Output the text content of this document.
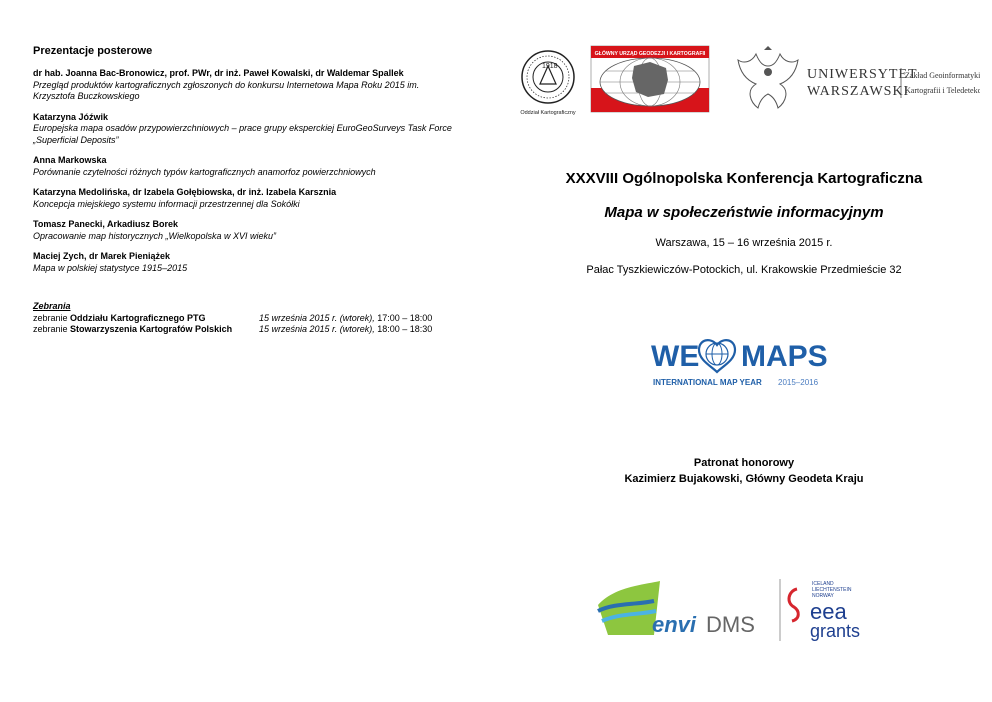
Prezentacje posterowe
dr hab. Joanna Bac-Bronowicz, prof. PWr, dr inż. Paweł Kowalski, dr Waldemar Spallek
Przegląd produktów kartograficznych zgłoszonych do konkursu Internetowa Mapa Roku 2015 im. Krzysztofa Buczkowskiego
Katarzyna Jóźwik
Europejska mapa osadów przypowierzchniowych – prace grupy eksperckiej EuroGeoSurveys Task Force „Superficial Deposits”
Anna Markowska
Porównanie czytelności różnych typów kartograficznych anamorfoz powierzchniowych
Katarzyna Medolińska, dr Izabela Gołębiowska, dr inż. Izabela Karsznia
Koncepcja miejskiego systemu informacji przestrzennej dla Sokółki
Tomasz Panecki, Arkadiusz Borek
Opracowanie map historycznych „Wielkopolska w XVI wieku”
Maciej Zych, dr Marek Pieniążek
Mapa w polskiej statystyce 1915–2015
Zebrania
zebranie Oddziału Kartograficznego PTG	15 września 2015 r. (wtorek), 17:00 – 18:00
zebranie Stowarzyszenia Kartografów Polskich	15 września 2015 r. (wtorek), 18:00 – 18:30
1918
Oddział Kartograficzny
GŁÓWNY URZĄD GEODEZJI I KARTOGRAFII
UNIWERSYTET
WARSZAWSKI
Zakład Geoinformatyki,
Kartografii i Teledetekcji
XXXVIII Ogólnopolska Konferencja Kartograficzna
Mapa w społeczeństwie informacyjnym
Warszawa, 15 – 16 września 2015 r.
Pałac Tyszkiewiczów-Potockich, ul. Krakowskie Przedmieście 32
WE MAPS
INTERNATIONAL MAP YEAR 2015–2016
Patronat honorowy
Kazimierz Bujakowski, Główny Geodeta Kraju
envi DMS
ICELAND
LIECHTENSTEIN
NORWAY
eea
grants
